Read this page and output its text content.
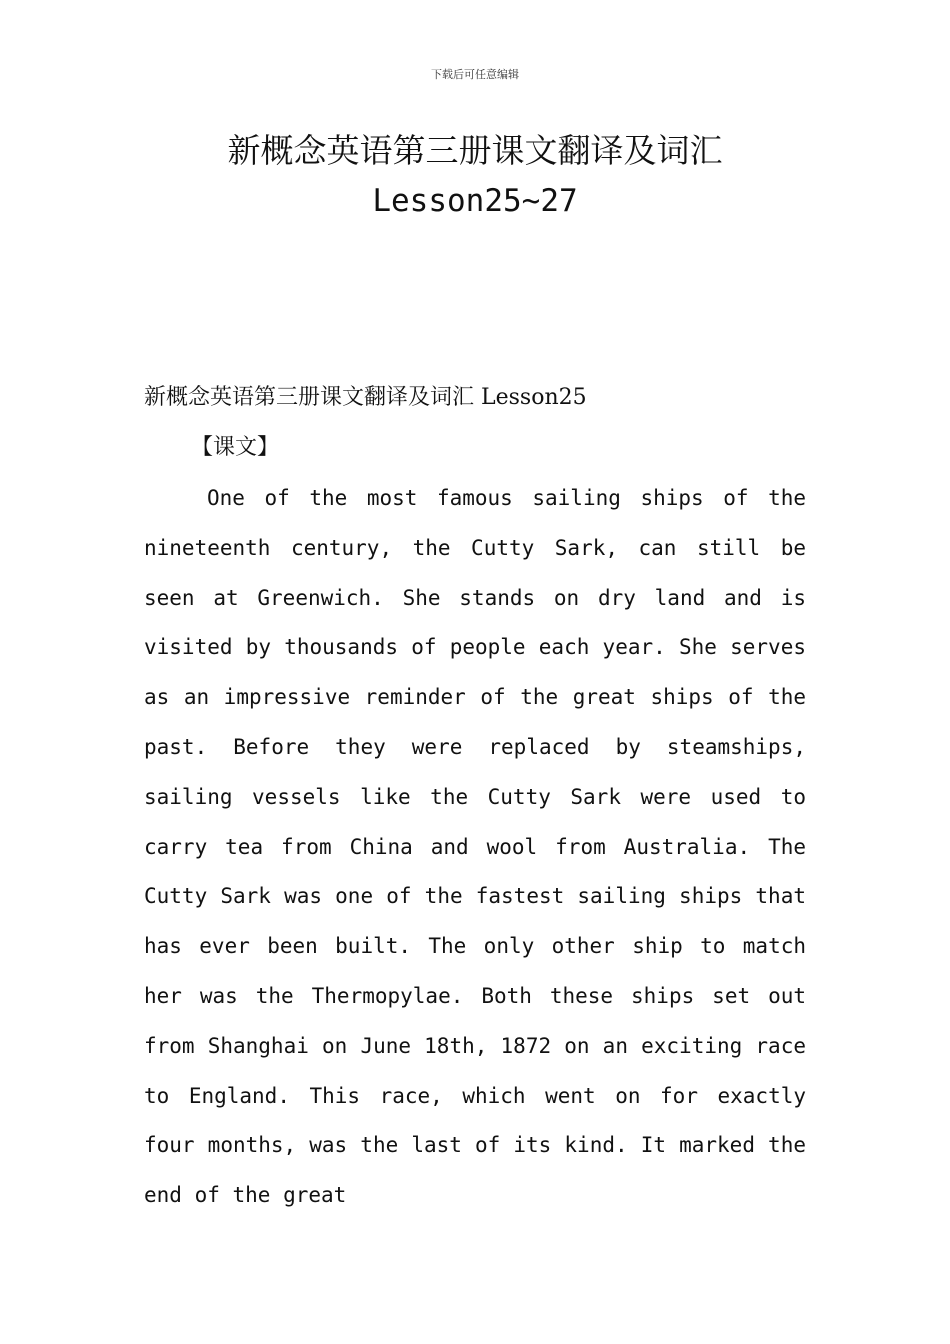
下载后可任意编辑
新概念英语第三册课文翻译及词汇
Lesson25~27
新概念英语第三册课文翻译及词汇 Lesson25
【课文】

One of the most famous sailing ships of the nineteenth century, the Cutty Sark, can still be seen at Greenwich. She stands on dry land and is visited by thousands of people each year. She serves as an impressive reminder of the great ships of the past. Before they were replaced by steamships, sailing vessels like the Cutty Sark were used to carry tea from China and wool from Australia. The Cutty Sark was one of the fastest sailing ships that has ever been built. The only other ship to match her was the Thermopylae. Both these ships set out from Shanghai on June 18th, 1872 on an exciting race to England. This race, which went on for exactly four months, was the last of its kind. It marked the end of the great
